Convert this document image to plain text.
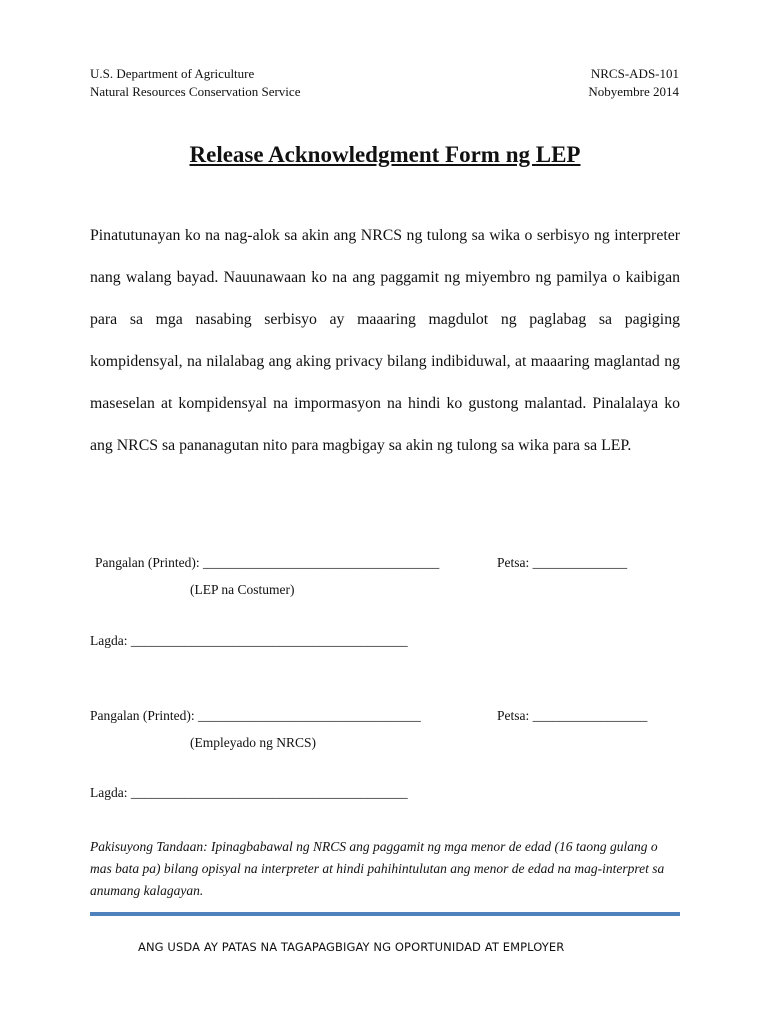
U.S. Department of Agriculture
Natural Resources Conservation Service
NRCS-ADS-101
Nobyembre 2014
Release Acknowledgment Form ng LEP

Pinatutunayan ko na nag-alok sa akin ang NRCS ng tulong sa wika o serbisyo ng interpreter nang walang bayad. Nauunawaan ko na ang paggamit ng miyembro ng pamilya o kaibigan para sa mga nasabing serbisyo ay maaaring magdulot ng paglabag sa pagiging kompidensyal, na nilalabag ang aking privacy bilang indibiduwal, at maaaring maglantad ng maseselan at kompidensyal na impormasyon na hindi ko gustong malantad. Pinalalaya ko ang NRCS sa pananagutan nito para magbigay sa akin ng tulong sa wika para sa LEP.

Pangalan (Printed): ___________________________________	Petsa: ______________
(LEP na Costumer)
Lagda: _________________________________________
Pangalan (Printed): _________________________________	Petsa: _________________
(Empleyado ng NRCS)
Lagda: _________________________________________

Pakisuyong Tandaan: Ipinagbabawal ng NRCS ang paggamit ng mga menor de edad (16 taong gulang o mas bata pa) bilang opisyal na interpreter at hindi pahihintulutan ang menor de edad na mag-interpret sa anumang kalagayan.

ANG USDA AY PATAS NA TAGAPAGBIGAY NG OPORTUNIDAD AT EMPLOYER
